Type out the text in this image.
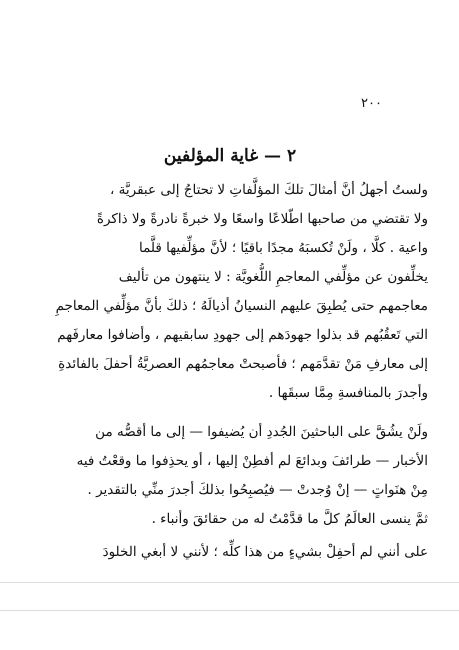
٢٠٠
٢ — غاية المؤلفين

ولستُ أجهلُ أنَّ أمثالَ تلكَ المؤلَّفاتِ لا تحتاجُ إلى عبقريَّة ،
ولا تقتضي من صاحبها اطّلاعًا واسعًا ولا خبرةً نادرةً ولا ذاكرةً
واعية . كلَّا ، ولَنْ تُكسبَهُ مجدًا باقيًا ؛ لأنَّ مؤلِّفيها قلَّما
يخلِّفون عن مؤلِّفي المعاجمِ اللُّغويَّة : لا ينتهون من تأليف
معاجمهم حتى يُطبِقَ عليهم النسيانُ أذيالَهُ ؛ ذلكَ بأنَّ مؤلِّفي المعاجمِ
التي تَعقُبُهم قد بذلوا جهودَهم إلى جهودِ سابقيهم ، وأضافوا معارفَهم
إلى معارفِ مَنْ تقدَّمَهم ؛ فأصبحتْ معاجمُهم العصريَّةُ أحفلَ بالفائدةِ
وأجدرَ بالمنافسةِ مِمَّا سبقَها .

ولَنْ يشُقَّ على الباحثينَ الجُددِ أن يُضيفوا — إلى ما أقصُّه من
الأخبار — طرائفَ وبدائعَ لم أفطِنْ إليها ، أو يحذِفوا ما وقعْتُ فيه
مِنْ هنَواتٍ — إنْ وُجدتْ — فيُصبِحُوا بذلكَ أجدرَ منِّي بالتقدير .
ثمَّ ينسى العالَمُ كلَّ ما قدَّمْتُ له من حقائقَ وأنباء .

على أنني لم أحفِلْ بشيءٍ من هذا كلِّه ؛ لأنني لا أبغي الخلودَ
